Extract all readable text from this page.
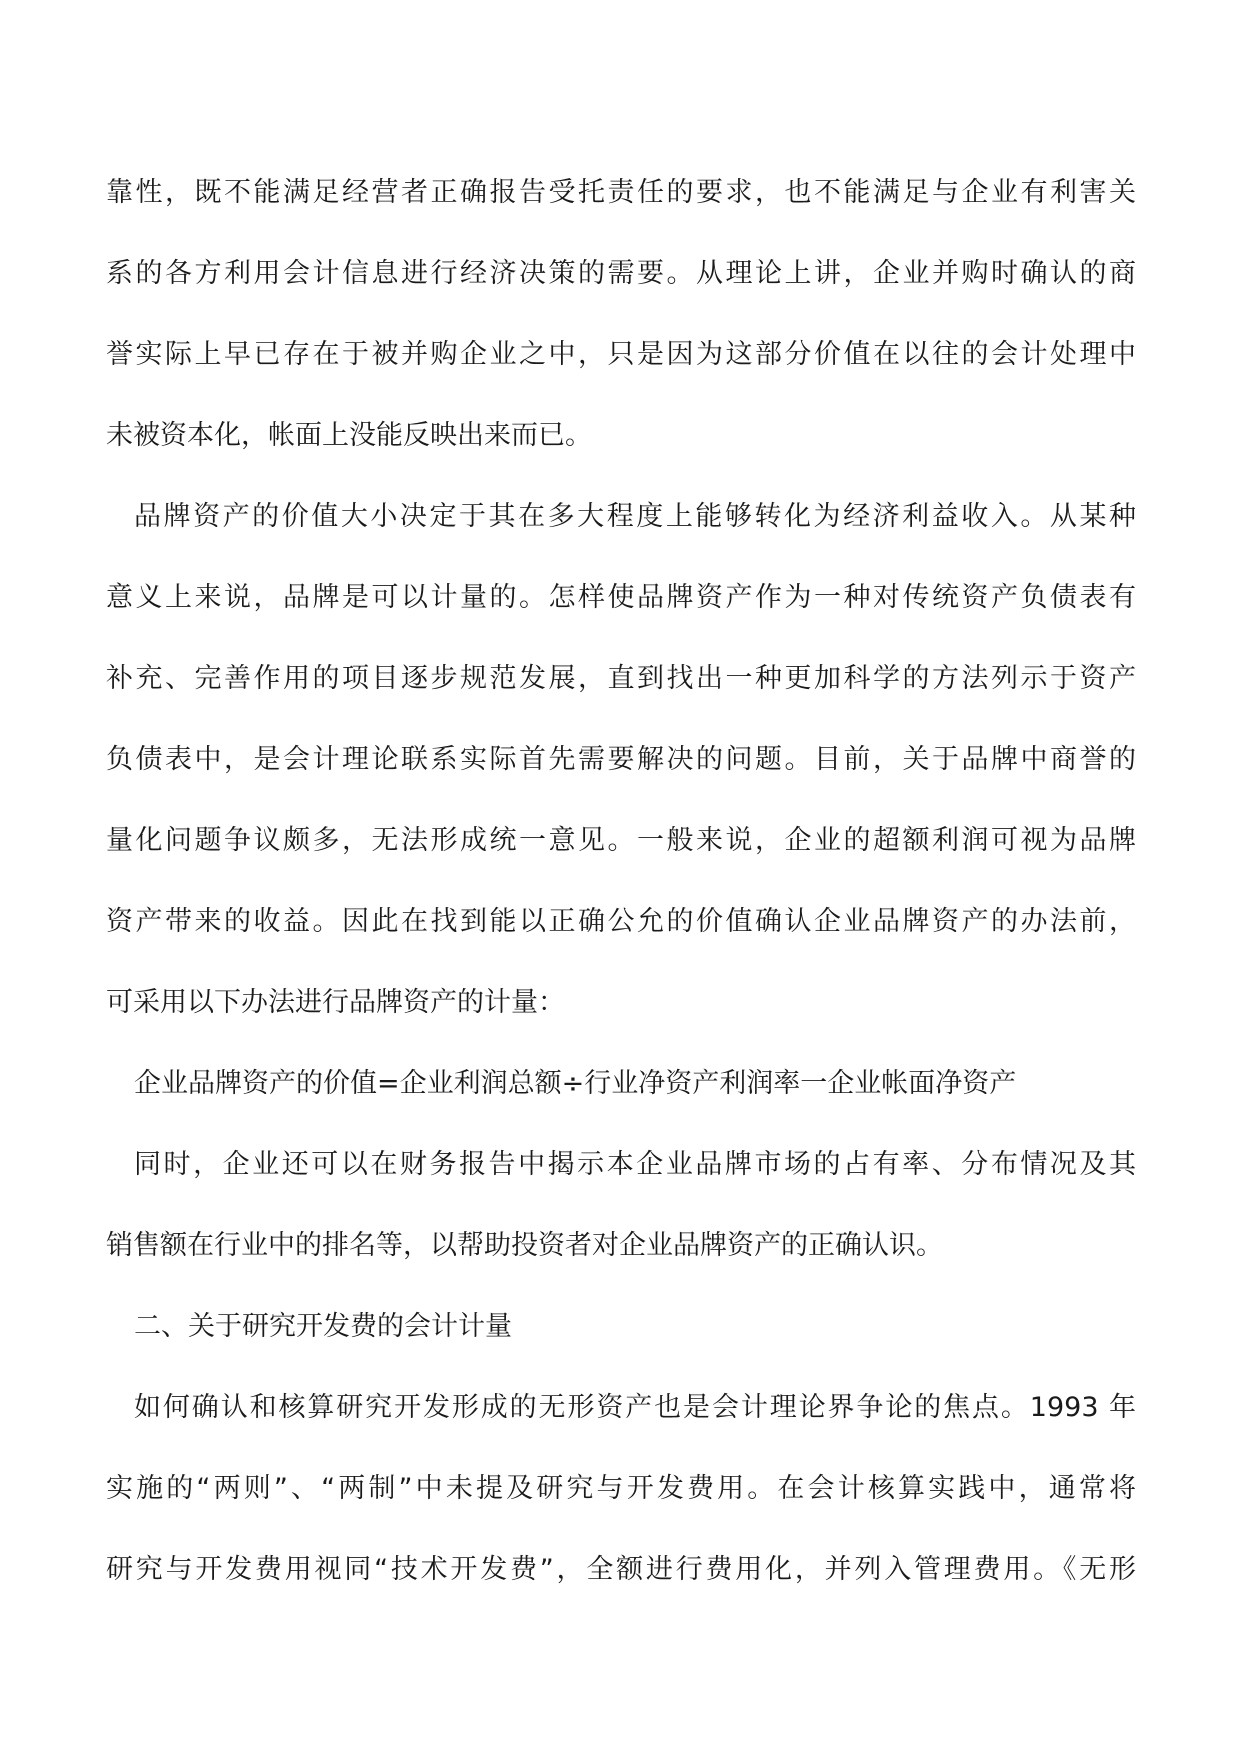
靠性，既不能满足经营者正确报告受托责任的要求，也不能满足与企业有利害关
系的各方利用会计信息进行经济决策的需要。从理论上讲，企业并购时确认的商
誉实际上早已存在于被并购企业之中，只是因为这部分价值在以往的会计处理中
未被资本化，帐面上没能反映出来而已。
品牌资产的价值大小决定于其在多大程度上能够转化为经济利益收入。从某种
意义上来说，品牌是可以计量的。怎样使品牌资产作为一种对传统资产负债表有
补充、完善作用的项目逐步规范发展，直到找出一种更加科学的方法列示于资产
负债表中，是会计理论联系实际首先需要解决的问题。目前，关于品牌中商誉的
量化问题争议颇多，无法形成统一意见。一般来说，企业的超额利润可视为品牌
资产带来的收益。因此在找到能以正确公允的价值确认企业品牌资产的办法前，
可采用以下办法进行品牌资产的计量：
企业品牌资产的价值=企业利润总额÷行业净资产利润率一企业帐面净资产
同时，企业还可以在财务报告中揭示本企业品牌市场的占有率、分布情况及其
销售额在行业中的排名等，以帮助投资者对企业品牌资产的正确认识。
二、关于研究开发费的会计计量
如何确认和核算研究开发形成的无形资产也是会计理论界争论的焦点。1993 年
实施的“两则”、“两制”中未提及研究与开发费用。在会计核算实践中，通常将
研究与开发费用视同“技术开发费”，全额进行费用化，并列入管理费用。《无形
